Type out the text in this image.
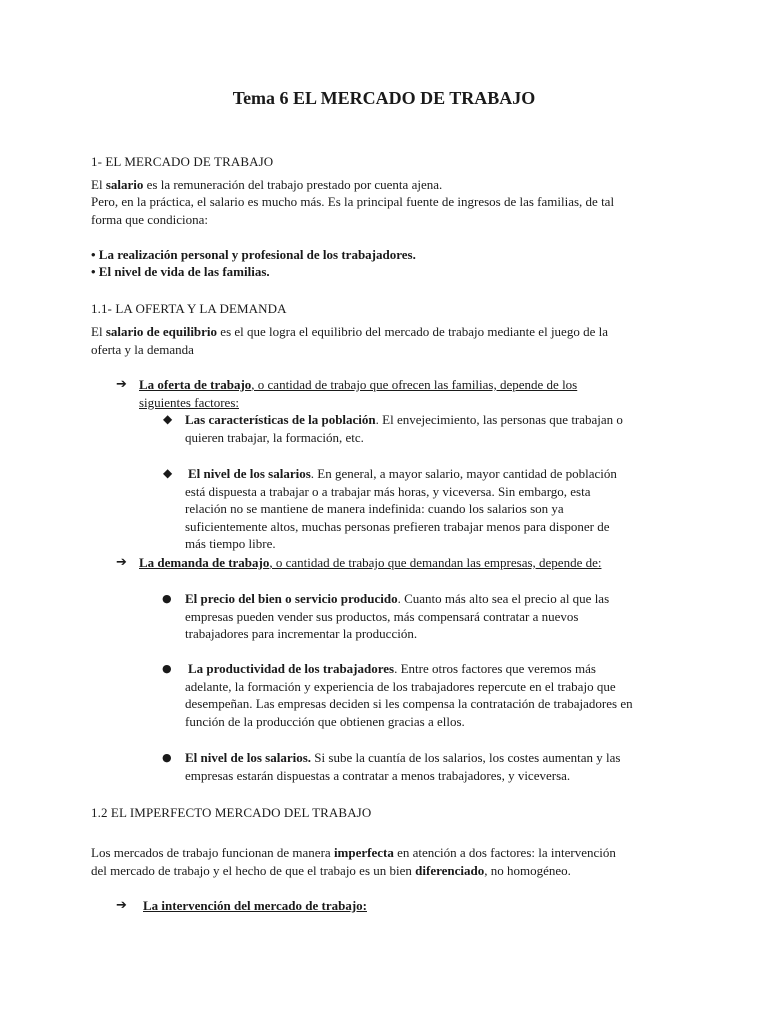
Tema 6 EL MERCADO DE TRABAJO
1- EL MERCADO DE TRABAJO
El salario es la remuneración del trabajo prestado por cuenta ajena.
Pero, en la práctica, el salario es mucho más. Es la principal fuente de ingresos de las familias, de tal
forma que condiciona:
• La realización personal y profesional de los trabajadores.
• El nivel de vida de las familias.
1.1- LA OFERTA Y LA DEMANDA
El salario de equilibrio es el que logra el equilibrio del mercado de trabajo mediante el juego de la
oferta y la demanda
➔ La oferta de trabajo, o cantidad de trabajo que ofrecen las familias, depende de los
siguientes factores:
◆ Las características de la población. El envejecimiento, las personas que trabajan o
quieren trabajar, la formación, etc.
◆ El nivel de los salarios. En general, a mayor salario, mayor cantidad de población
está dispuesta a trabajar o a trabajar más horas, y viceversa. Sin embargo, esta
relación no se mantiene de manera indefinida: cuando los salarios son ya
suficientemente altos, muchas personas prefieren trabajar menos para disponer de
más tiempo libre.
➔ La demanda de trabajo, o cantidad de trabajo que demandan las empresas, depende de:
● El precio del bien o servicio producido. Cuanto más alto sea el precio al que las
empresas pueden vender sus productos, más compensará contratar a nuevos
trabajadores para incrementar la producción.
● La productividad de los trabajadores. Entre otros factores que veremos más
adelante, la formación y experiencia de los trabajadores repercute en el trabajo que
desempeñan. Las empresas deciden si les compensa la contratación de trabajadores en
función de la producción que obtienen gracias a ellos.
● El nivel de los salarios. Si sube la cuantía de los salarios, los costes aumentan y las
empresas estarán dispuestas a contratar a menos trabajadores, y viceversa.
1.2 EL IMPERFECTO MERCADO DEL TRABAJO
Los mercados de trabajo funcionan de manera imperfecta en atención a dos factores: la intervención
del mercado de trabajo y el hecho de que el trabajo es un bien diferenciado, no homogéneo.
➔ La intervención del mercado de trabajo:
